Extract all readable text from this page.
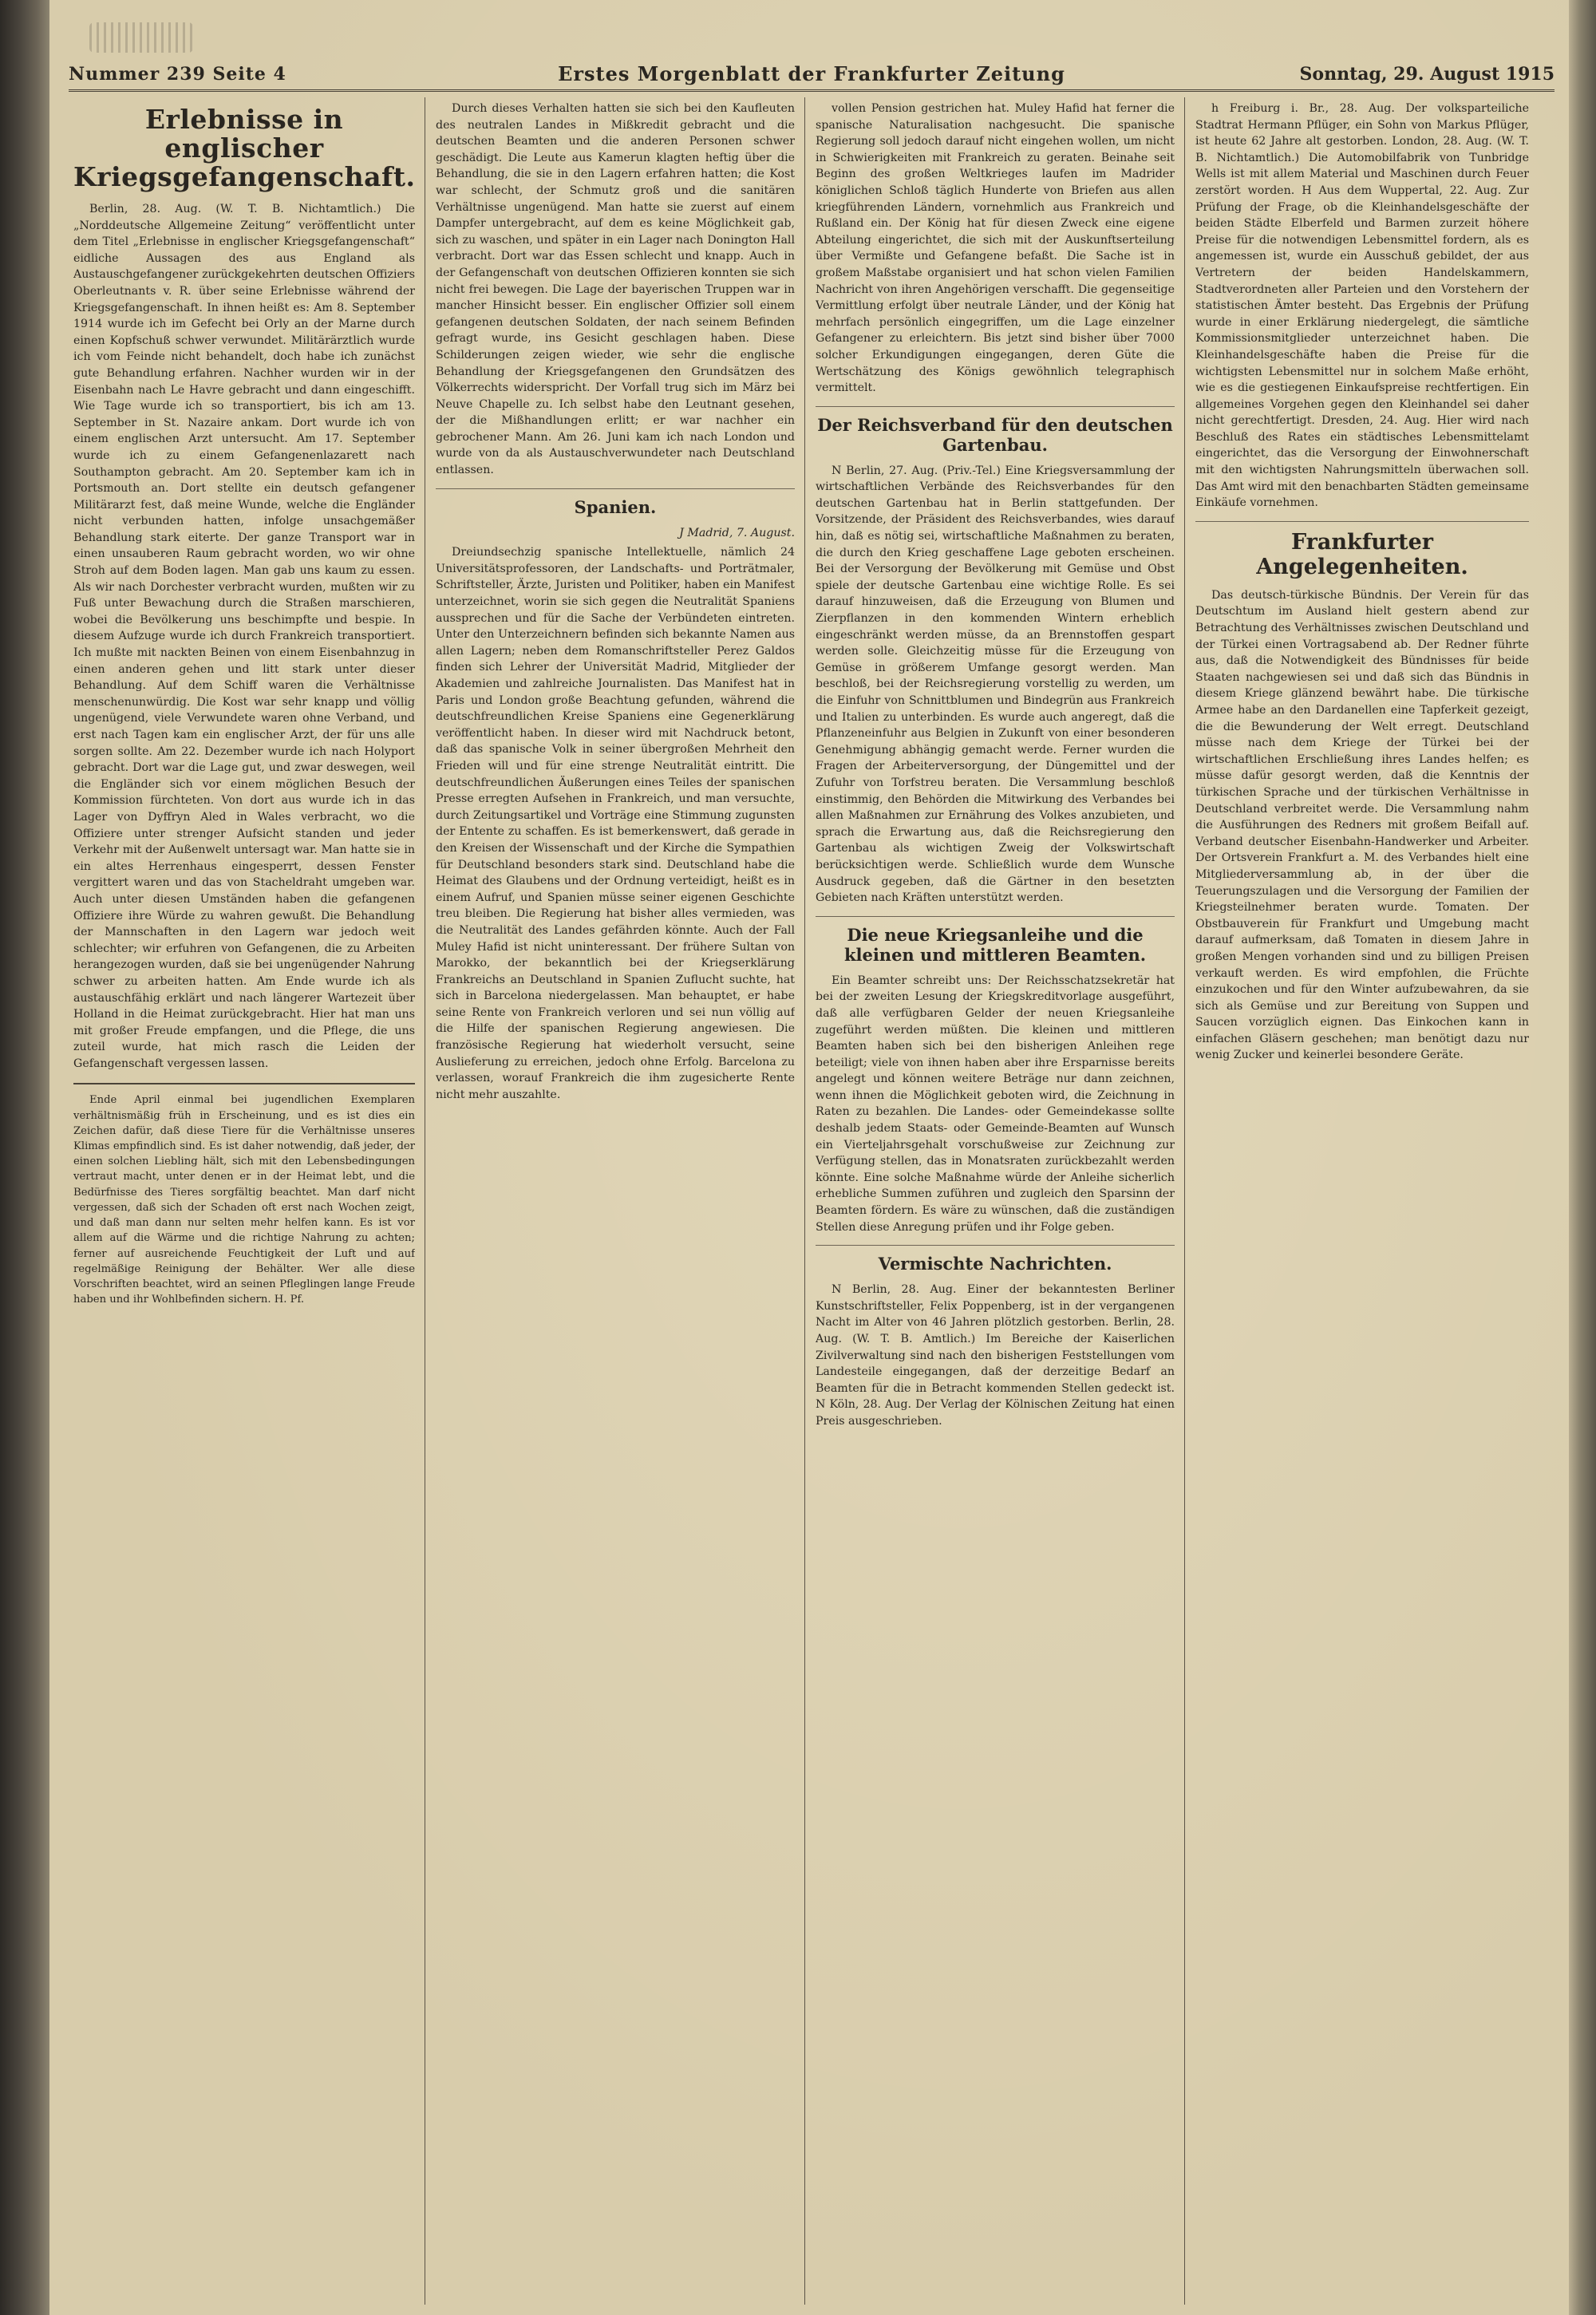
Nummer 239 Seite 4	Erstes Morgenblatt der Frankfurter Zeitung	Sonntag, 29. August 1915
Erlebnisse in englischer Kriegsgefangenschaft.

Berlin, 28. Aug. (W. T. B. Nichtamtlich.) Die „Norddeutsche Allgemeine Zeitung“ veröffentlicht unter dem Titel „Erlebnisse in englischer Kriegsgefangenschaft“ eidliche Aussagen des aus England als Austauschgefangener zurückgekehrten deutschen Offiziers Oberleutnants v. R. über seine Erlebnisse während der Kriegsgefangenschaft. In ihnen heißt es: Am 8. September 1914 wurde ich im Gefecht bei Orly an der Marne durch einen Kopfschuß schwer verwundet. Militärärztlich wurde ich vom Feinde nicht behandelt, doch habe ich zunächst gute Behandlung erfahren. Nachher wurden wir in der Eisenbahn nach Le Havre gebracht und dann eingeschifft. Wie Tage wurde ich so transportiert, bis ich am 13. September in St. Nazaire ankam. Dort wurde ich von einem englischen Arzt untersucht. Am 17. September wurde ich zu einem Gefangenenlazarett nach Southampton gebracht. Am 20. September kam ich in Portsmouth an. Dort stellte ein deutsch gefangener Militärarzt fest, daß meine Wunde, welche die Engländer nicht verbunden hatten, infolge unsachgemäßer Behandlung stark eiterte. Der ganze Transport war in einen unsauberen Raum gebracht worden, wo wir ohne Stroh auf dem Boden lagen. Man gab uns kaum zu essen. Als wir nach Dorchester verbracht wurden, mußten wir zu Fuß unter Bewachung durch die Straßen marschieren, wobei die Bevölkerung uns beschimpfte und bespie. In diesem Aufzuge wurde ich durch Frankreich transportiert. Ich mußte mit nackten Beinen von einem Eisenbahnzug in einen anderen gehen und litt stark unter dieser Behandlung. Auf dem Schiff waren die Verhältnisse menschenunwürdig. Die Kost war sehr knapp und völlig ungenügend, viele Verwundete waren ohne Verband, und erst nach Tagen kam ein englischer Arzt, der für uns alle sorgen sollte. Am 22. Dezember wurde ich nach Holyport gebracht. Dort war die Lage gut, und zwar deswegen, weil die Engländer sich vor einem möglichen Besuch der Kommission fürchteten. Von dort aus wurde ich in das Lager von Dyffryn Aled in Wales verbracht, wo die Offiziere unter strenger Aufsicht standen und jeder Verkehr mit der Außenwelt untersagt war. Man hatte sie in ein altes Herrenhaus eingesperrt, dessen Fenster vergittert waren und das von Stacheldraht umgeben war. Auch unter diesen Umständen haben die gefangenen Offiziere ihre Würde zu wahren gewußt. Die Behandlung der Mannschaften in den Lagern war jedoch weit schlechter; wir erfuhren von Gefangenen, die zu Arbeiten herangezogen wurden, daß sie bei ungenügender Nahrung schwer zu arbeiten hatten. Am Ende wurde ich als austauschfähig erklärt und nach längerer Wartezeit über Holland in die Heimat zurückgebracht. Hier hat man uns mit großer Freude empfangen, und die Pflege, die uns zuteil wurde, hat mich rasch die Leiden der Gefangenschaft vergessen lassen.

Ende April einmal bei jugendlichen Exemplaren verhältnismäßig früh in Erscheinung, und es ist dies ein Zeichen dafür, daß diese Tiere für die Verhältnisse unseres Klimas empfindlich sind. Es ist daher notwendig, daß jeder, der einen solchen Liebling hält, sich mit den Lebensbedingungen vertraut macht, unter denen er in der Heimat lebt, und die Bedürfnisse des Tieres sorgfältig beachtet. Man darf nicht vergessen, daß sich der Schaden oft erst nach Wochen zeigt, und daß man dann nur selten mehr helfen kann. Es ist vor allem auf die Wärme und die richtige Nahrung zu achten; ferner auf ausreichende Feuchtigkeit der Luft und auf regelmäßige Reinigung der Behälter. Wer alle diese Vorschriften beachtet, wird an seinen Pfleglingen lange Freude haben und ihr Wohlbefinden sichern. H. Pf.

Durch dieses Verhalten hatten sie sich bei den Kaufleuten des neutralen Landes in Mißkredit gebracht und die deutschen Beamten und die anderen Personen schwer geschädigt. Die Leute aus Kamerun klagten heftig über die Behandlung, die sie in den Lagern erfahren hatten; die Kost war schlecht, der Schmutz groß und die sanitären Verhältnisse ungenügend. Man hatte sie zuerst auf einem Dampfer untergebracht, auf dem es keine Möglichkeit gab, sich zu waschen, und später in ein Lager nach Donington Hall verbracht. Dort war das Essen schlecht und knapp. Auch in der Gefangenschaft von deutschen Offizieren konnten sie sich nicht frei bewegen. Die Lage der bayerischen Truppen war in mancher Hinsicht besser. Ein englischer Offizier soll einem gefangenen deutschen Soldaten, der nach seinem Befinden gefragt wurde, ins Gesicht geschlagen haben. Diese Schilderungen zeigen wieder, wie sehr die englische Behandlung der Kriegsgefangenen den Grundsätzen des Völkerrechts widerspricht. Der Vorfall trug sich im März bei Neuve Chapelle zu. Ich selbst habe den Leutnant gesehen, der die Mißhandlungen erlitt; er war nachher ein gebrochener Mann. Am 26. Juni kam ich nach London und wurde von da als Austauschverwundeter nach Deutschland entlassen.

Spanien.
J Madrid, 7. August.

Dreiundsechzig spanische Intellektuelle, nämlich 24 Universitätsprofessoren, der Landschafts- und Porträtmaler, Schriftsteller, Ärzte, Juristen und Politiker, haben ein Manifest unterzeichnet, worin sie sich gegen die Neutralität Spaniens aussprechen und für die Sache der Verbündeten eintreten. Unter den Unterzeichnern befinden sich bekannte Namen aus allen Lagern; neben dem Romanschriftsteller Perez Galdos finden sich Lehrer der Universität Madrid, Mitglieder der Akademien und zahlreiche Journalisten. Das Manifest hat in Paris und London große Beachtung gefunden, während die deutschfreundlichen Kreise Spaniens eine Gegenerklärung veröffentlicht haben. In dieser wird mit Nachdruck betont, daß das spanische Volk in seiner übergroßen Mehrheit den Frieden will und für eine strenge Neutralität eintritt. Die deutschfreundlichen Äußerungen eines Teiles der spanischen Presse erregten Aufsehen in Frankreich, und man versuchte, durch Zeitungsartikel und Vorträge eine Stimmung zugunsten der Entente zu schaffen. Es ist bemerkenswert, daß gerade in den Kreisen der Wissenschaft und der Kirche die Sympathien für Deutschland besonders stark sind. Deutschland habe die Heimat des Glaubens und der Ordnung verteidigt, heißt es in einem Aufruf, und Spanien müsse seiner eigenen Geschichte treu bleiben. Die Regierung hat bisher alles vermieden, was die Neutralität des Landes gefährden könnte. Auch der Fall Muley Hafid ist nicht uninteressant. Der frühere Sultan von Marokko, der bekanntlich bei der Kriegserklärung Frankreichs an Deutschland in Spanien Zuflucht suchte, hat sich in Barcelona niedergelassen. Man behauptet, er habe seine Rente von Frankreich verloren und sei nun völlig auf die Hilfe der spanischen Regierung angewiesen. Die französische Regierung hat wiederholt versucht, seine Auslieferung zu erreichen, jedoch ohne Erfolg. Barcelona zu verlassen, worauf Frankreich die ihm zugesicherte Rente nicht mehr auszahlte.

vollen Pension gestrichen hat. Muley Hafid hat ferner die spanische Naturalisation nachgesucht. Die spanische Regierung soll jedoch darauf nicht eingehen wollen, um nicht in Schwierigkeiten mit Frankreich zu geraten. Beinahe seit Beginn des großen Weltkrieges laufen im Madrider königlichen Schloß täglich Hunderte von Briefen aus allen kriegführenden Ländern, vornehmlich aus Frankreich und Rußland ein. Der König hat für diesen Zweck eine eigene Abteilung eingerichtet, die sich mit der Auskunftserteilung über Vermißte und Gefangene befaßt. Die Sache ist in großem Maßstabe organisiert und hat schon vielen Familien Nachricht von ihren Angehörigen verschafft. Die gegenseitige Vermittlung erfolgt über neutrale Länder, und der König hat mehrfach persönlich eingegriffen, um die Lage einzelner Gefangener zu erleichtern. Bis jetzt sind bisher über 7000 solcher Erkundigungen eingegangen, deren Güte die Wertschätzung des Königs gewöhnlich telegraphisch vermittelt.

Der Reichsverband für den deutschen Gartenbau.

N Berlin, 27. Aug. (Priv.-Tel.) Eine Kriegsversammlung der wirtschaftlichen Verbände des Reichsverbandes für den deutschen Gartenbau hat in Berlin stattgefunden. Der Vorsitzende, der Präsident des Reichsverbandes, wies darauf hin, daß es nötig sei, wirtschaftliche Maßnahmen zu beraten, die durch den Krieg geschaffene Lage geboten erscheinen. Bei der Versorgung der Bevölkerung mit Gemüse und Obst spiele der deutsche Gartenbau eine wichtige Rolle. Es sei darauf hinzuweisen, daß die Erzeugung von Blumen und Zierpflanzen in den kommenden Wintern erheblich eingeschränkt werden müsse, da an Brennstoffen gespart werden solle. Gleichzeitig müsse für die Erzeugung von Gemüse in größerem Umfange gesorgt werden. Man beschloß, bei der Reichsregierung vorstellig zu werden, um die Einfuhr von Schnittblumen und Bindegrün aus Frankreich und Italien zu unterbinden. Es wurde auch angeregt, daß die Pflanzeneinfuhr aus Belgien in Zukunft von einer besonderen Genehmigung abhängig gemacht werde. Ferner wurden die Fragen der Arbeiterversorgung, der Düngemittel und der Zufuhr von Torfstreu beraten. Die Versammlung beschloß einstimmig, den Behörden die Mitwirkung des Verbandes bei allen Maßnahmen zur Ernährung des Volkes anzubieten, und sprach die Erwartung aus, daß die Reichsregierung den Gartenbau als wichtigen Zweig der Volkswirtschaft berücksichtigen werde. Schließlich wurde dem Wunsche Ausdruck gegeben, daß die Gärtner in den besetzten Gebieten nach Kräften unterstützt werden.

Die neue Kriegsanleihe und die kleinen und mittleren Beamten.

Ein Beamter schreibt uns: Der Reichsschatzsekretär hat bei der zweiten Lesung der Kriegskreditvorlage ausgeführt, daß alle verfügbaren Gelder der neuen Kriegsanleihe zugeführt werden müßten. Die kleinen und mittleren Beamten haben sich bei den bisherigen Anleihen rege beteiligt; viele von ihnen haben aber ihre Ersparnisse bereits angelegt und können weitere Beträge nur dann zeichnen, wenn ihnen die Möglichkeit geboten wird, die Zeichnung in Raten zu bezahlen. Die Landes- oder Gemeindekasse sollte deshalb jedem Staats- oder Gemeinde-Beamten auf Wunsch ein Vierteljahrsgehalt vorschußweise zur Zeichnung zur Verfügung stellen, das in Monatsraten zurückbezahlt werden könnte. Eine solche Maßnahme würde der Anleihe sicherlich erhebliche Summen zuführen und zugleich den Sparsinn der Beamten fördern. Es wäre zu wünschen, daß die zuständigen Stellen diese Anregung prüfen und ihr Folge geben.

Vermischte Nachrichten.

N Berlin, 28. Aug. Einer der bekanntesten Berliner Kunstschriftsteller, Felix Poppenberg, ist in der vergangenen Nacht im Alter von 46 Jahren plötzlich gestorben. Berlin, 28. Aug. (W. T. B. Amtlich.) Im Bereiche der Kaiserlichen Zivilverwaltung sind nach den bisherigen Feststellungen vom Landesteile eingegangen, daß der derzeitige Bedarf an Beamten für die in Betracht kommenden Stellen gedeckt ist. N Köln, 28. Aug. Der Verlag der Kölnischen Zeitung hat einen Preis ausgeschrieben.

h Freiburg i. Br., 28. Aug. Der volksparteiliche Stadtrat Hermann Pflüger, ein Sohn von Markus Pflüger, ist heute 62 Jahre alt gestorben. London, 28. Aug. (W. T. B. Nichtamtlich.) Die Automobilfabrik von Tunbridge Wells ist mit allem Material und Maschinen durch Feuer zerstört worden. H Aus dem Wuppertal, 22. Aug. Zur Prüfung der Frage, ob die Kleinhandelsgeschäfte der beiden Städte Elberfeld und Barmen zurzeit höhere Preise für die notwendigen Lebensmittel fordern, als es angemessen ist, wurde ein Ausschuß gebildet, der aus Vertretern der beiden Handelskammern, Stadtverordneten aller Parteien und den Vorstehern der statistischen Ämter besteht. Das Ergebnis der Prüfung wurde in einer Erklärung niedergelegt, die sämtliche Kommissionsmitglieder unterzeichnet haben. Die Kleinhandelsgeschäfte haben die Preise für die wichtigsten Lebensmittel nur in solchem Maße erhöht, wie es die gestiegenen Einkaufspreise rechtfertigen. Ein allgemeines Vorgehen gegen den Kleinhandel sei daher nicht gerechtfertigt. Dresden, 24. Aug. Hier wird nach Beschluß des Rates ein städtisches Lebensmittelamt eingerichtet, das die Versorgung der Einwohnerschaft mit den wichtigsten Nahrungsmitteln überwachen soll. Das Amt wird mit den benachbarten Städten gemeinsame Einkäufe vornehmen.

Frankfurter Angelegenheiten.

Das deutsch-türkische Bündnis. Der Verein für das Deutschtum im Ausland hielt gestern abend zur Betrachtung des Verhältnisses zwischen Deutschland und der Türkei einen Vortragsabend ab. Der Redner führte aus, daß die Notwendigkeit des Bündnisses für beide Staaten nachgewiesen sei und daß sich das Bündnis in diesem Kriege glänzend bewährt habe. Die türkische Armee habe an den Dardanellen eine Tapferkeit gezeigt, die die Bewunderung der Welt erregt. Deutschland müsse nach dem Kriege der Türkei bei der wirtschaftlichen Erschließung ihres Landes helfen; es müsse dafür gesorgt werden, daß die Kenntnis der türkischen Sprache und der türkischen Verhältnisse in Deutschland verbreitet werde. Die Versammlung nahm die Ausführungen des Redners mit großem Beifall auf. Verband deutscher Eisenbahn-Handwerker und Arbeiter. Der Ortsverein Frankfurt a. M. des Verbandes hielt eine Mitgliederversammlung ab, in der über die Teuerungszulagen und die Versorgung der Familien der Kriegsteilnehmer beraten wurde. Tomaten. Der Obstbauverein für Frankfurt und Umgebung macht darauf aufmerksam, daß Tomaten in diesem Jahre in großen Mengen vorhanden sind und zu billigen Preisen verkauft werden. Es wird empfohlen, die Früchte einzukochen und für den Winter aufzubewahren, da sie sich als Gemüse und zur Bereitung von Suppen und Saucen vorzüglich eignen. Das Einkochen kann in einfachen Gläsern geschehen; man benötigt dazu nur wenig Zucker und keinerlei besondere Geräte.
